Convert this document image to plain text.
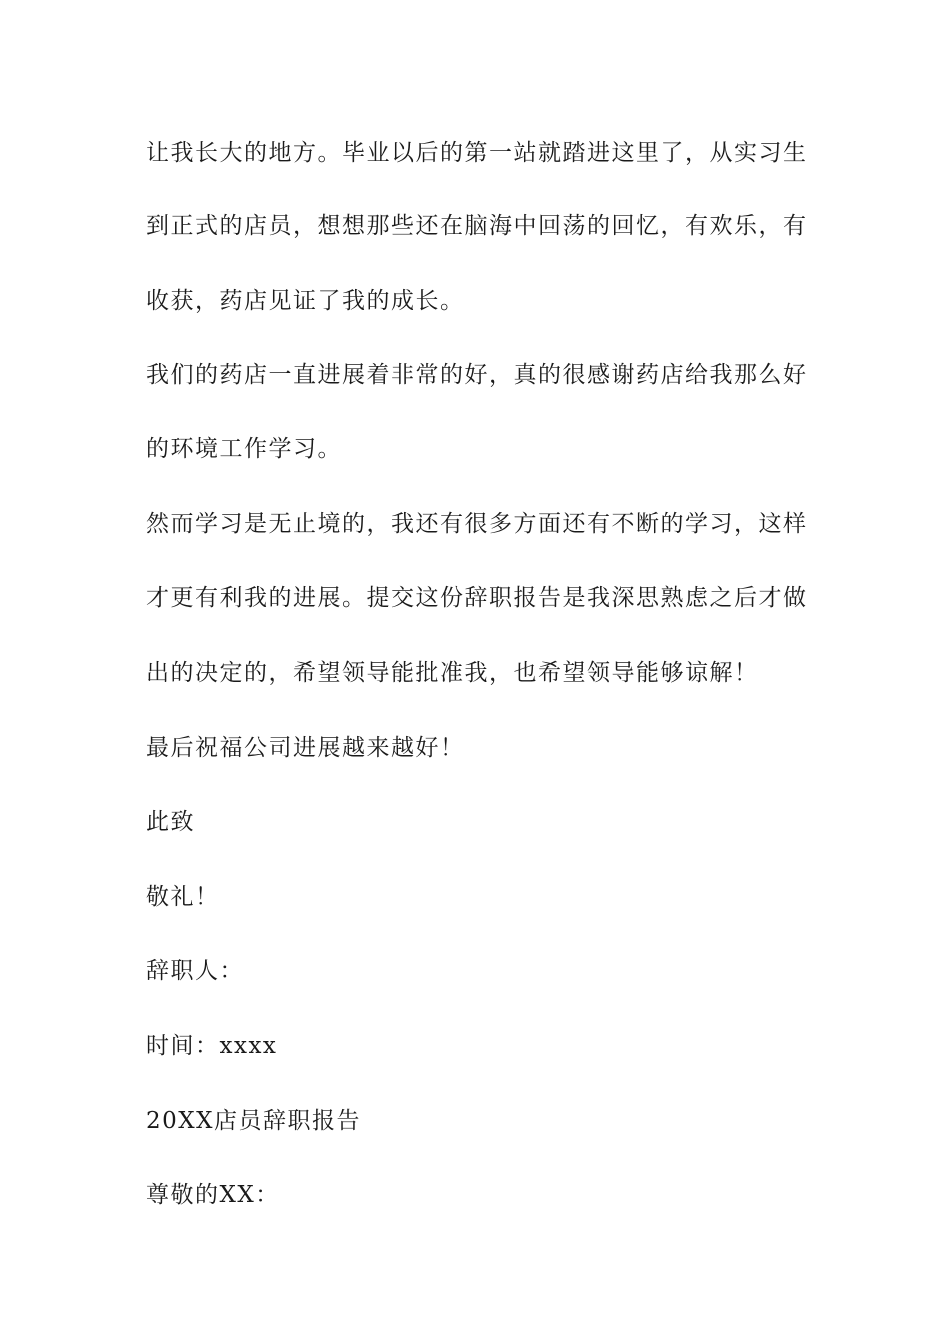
让我长大的地方。毕业以后的第一站就踏进这里了，从实习生
到正式的店员，想想那些还在脑海中回荡的回忆，有欢乐，有
收获，药店见证了我的成长。
我们的药店一直进展着非常的好，真的很感谢药店给我那么好
的环境工作学习。
然而学习是无止境的，我还有很多方面还有不断的学习，这样
才更有利我的进展。提交这份辞职报告是我深思熟虑之后才做
出的决定的，希望领导能批准我，也希望领导能够谅解！
最后祝福公司进展越来越好！
此致
敬礼！
辞职人：
时间：xxxx
20XX店员辞职报告
尊敬的XX：
